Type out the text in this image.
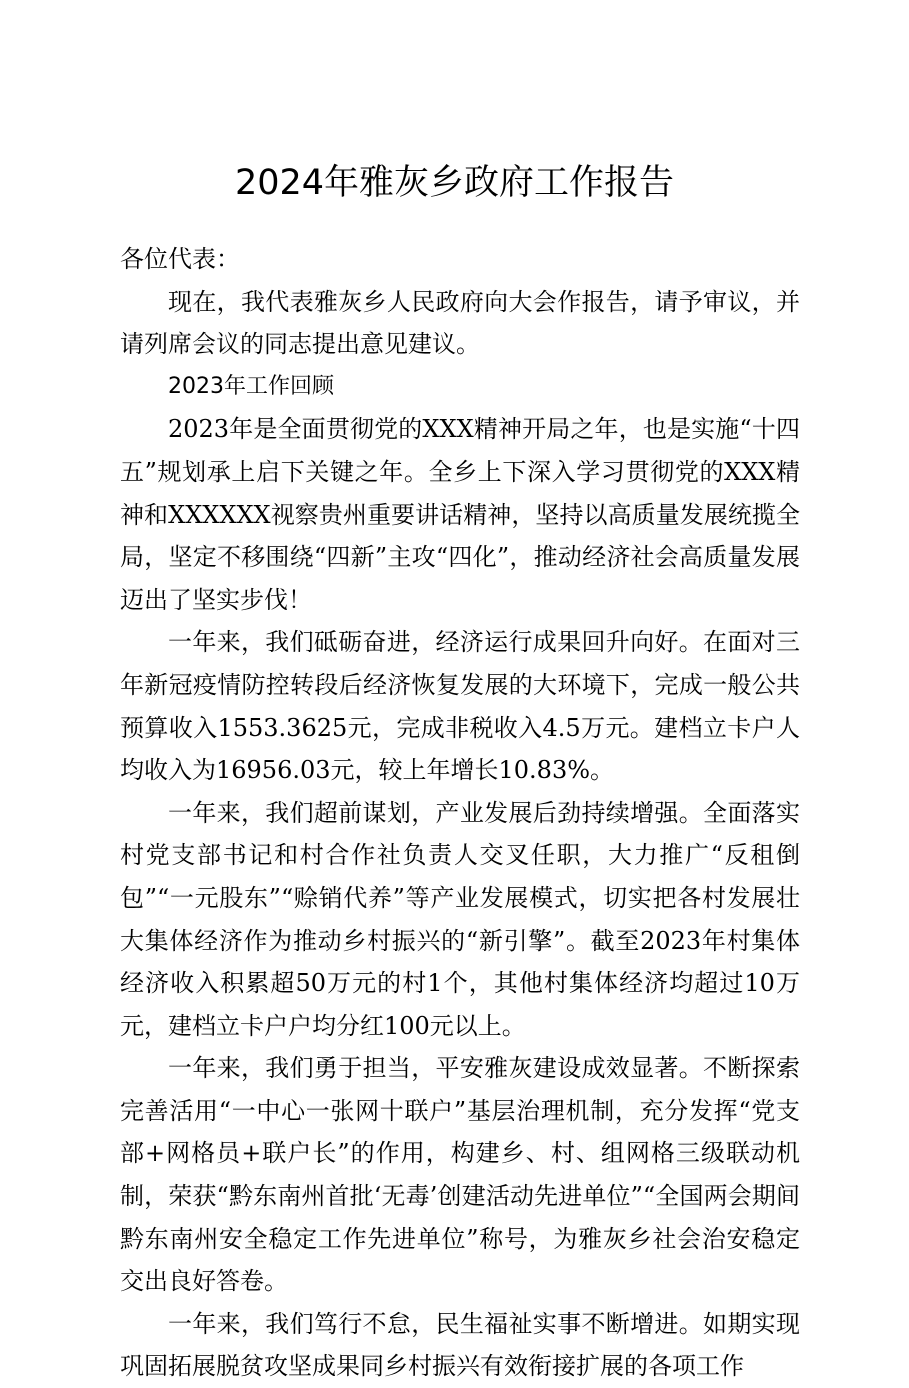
2024年雅灰乡政府工作报告

各位代表：

现在，我代表雅灰乡人民政府向大会作报告，请予审议，并请列席会议的同志提出意见建议。

2023年工作回顾

2023年是全面贯彻党的XXX精神开局之年，也是实施“十四五”规划承上启下关键之年。全乡上下深入学习贯彻党的XXX精神和XXXXXX视察贵州重要讲话精神，坚持以高质量发展统揽全局，坚定不移围绕“四新”主攻“四化”，推动经济社会高质量发展迈出了坚实步伐！

一年来，我们砥砺奋进，经济运行成果回升向好。在面对三年新冠疫情防控转段后经济恢复发展的大环境下，完成一般公共预算收入1553.3625元，完成非税收入4.5万元。建档立卡户人均收入为16956.03元，较上年增长10.83%。

一年来，我们超前谋划，产业发展后劲持续增强。全面落实村党支部书记和村合作社负责人交叉任职，大力推广“反租倒包”“一元股东”“赊销代养”等产业发展模式，切实把各村发展壮大集体经济作为推动乡村振兴的“新引擎”。截至2023年村集体经济收入积累超50万元的村1个，其他村集体经济均超过10万元，建档立卡户户均分红100元以上。

一年来，我们勇于担当，平安雅灰建设成效显著。不断探索完善活用“一中心一张网十联户”基层治理机制，充分发挥“党支部+网格员+联户长”的作用，构建乡、村、组网格三级联动机制，荣获“黔东南州首批‘无毒’创建活动先进单位”“全国两会期间黔东南州安全稳定工作先进单位”称号，为雅灰乡社会治安稳定交出良好答卷。

一年来，我们笃行不怠，民生福祉实事不断增进。如期实现巩固拓展脱贫攻坚成果同乡村振兴有效衔接扩展的各项工作
